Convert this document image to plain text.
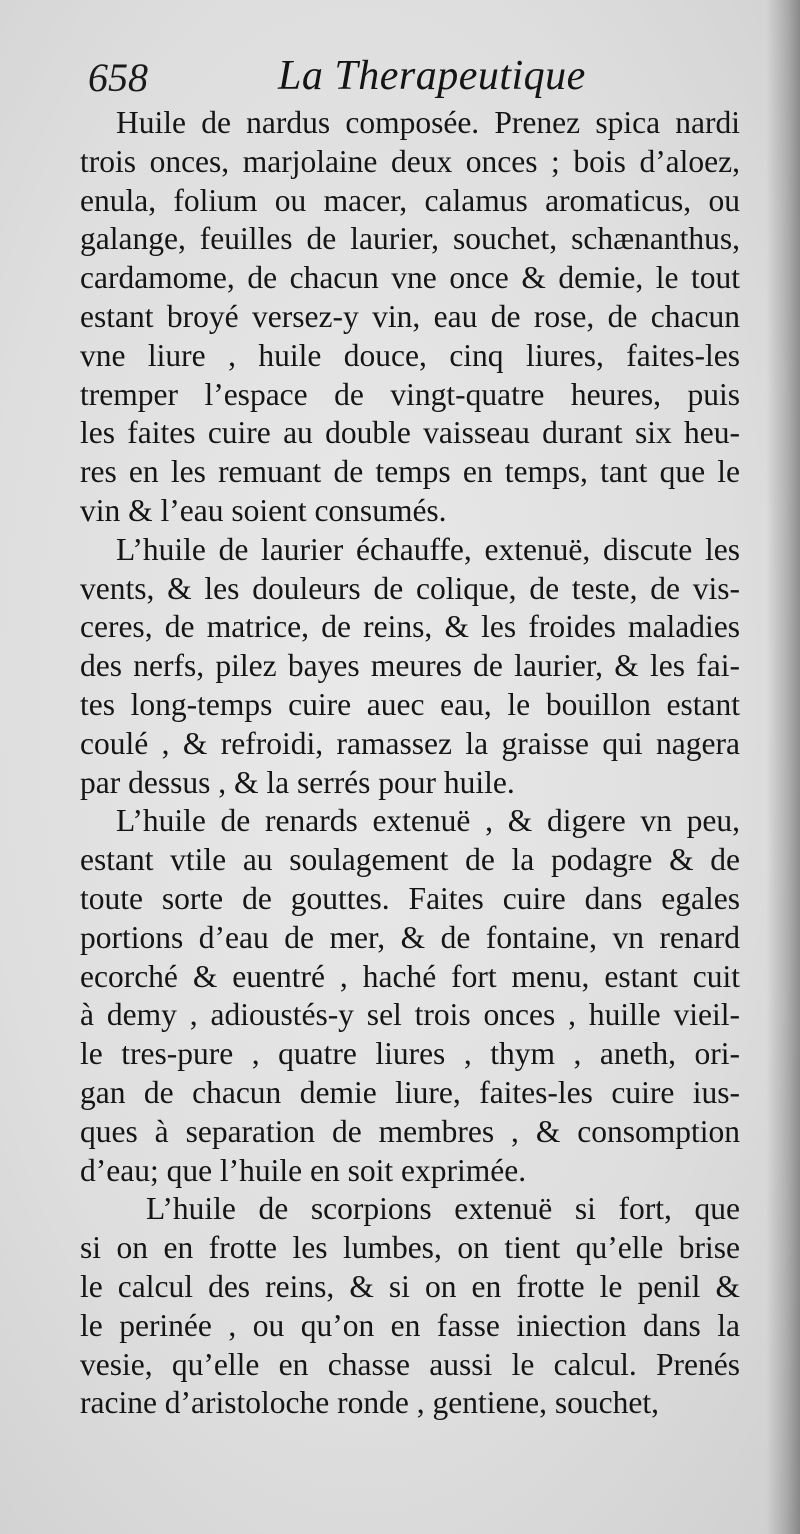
658	La Therapeutique

Huile de nardus composée. Prenez spica nardi
trois onces, marjolaine deux onces ; bois d’aloez,
enula, folium ou macer, calamus aromaticus, ou
galange, feuilles de laurier, souchet, schænanthus,
cardamome, de chacun vne once & demie, le tout
estant broyé versez-y vin, eau de rose, de chacun
vne liure , huile douce, cinq liures, faites-les
tremper l’espace de vingt-quatre heures, puis
les faites cuire au double vaisseau durant six heu-
res en les remuant de temps en temps, tant que le
vin & l’eau soient consumés.

L’huile de laurier échauffe, extenuë, discute les
vents, & les douleurs de colique, de teste, de vis-
ceres, de matrice, de reins, & les froides maladies
des nerfs, pilez bayes meures de laurier, & les fai-
tes long-temps cuire auec eau, le bouillon estant
coulé , & refroidi, ramassez la graisse qui nagera
par dessus , & la serrés pour huile.

L’huile de renards extenuë , & digere vn peu,
estant vtile au soulagement de la podagre & de
toute sorte de gouttes. Faites cuire dans egales
portions d’eau de mer, & de fontaine, vn renard
ecorché & euentré , haché fort menu, estant cuit
à demy , adioustés-y sel trois onces , huille vieil-
le tres-pure , quatre liures , thym , aneth, ori-
gan de chacun demie liure, faites-les cuire ius-
ques à separation de membres , & consomption
d’eau; que l’huile en soit exprimée.

L’huile de scorpions extenuë si fort, que
si on en frotte les lumbes, on tient qu’elle brise
le calcul des reins, & si on en frotte le penil &
le perinée , ou qu’on en fasse iniection dans la
vesie, qu’elle en chasse aussi le calcul. Prenés
racine d’aristoloche ronde , gentiene, souchet,
